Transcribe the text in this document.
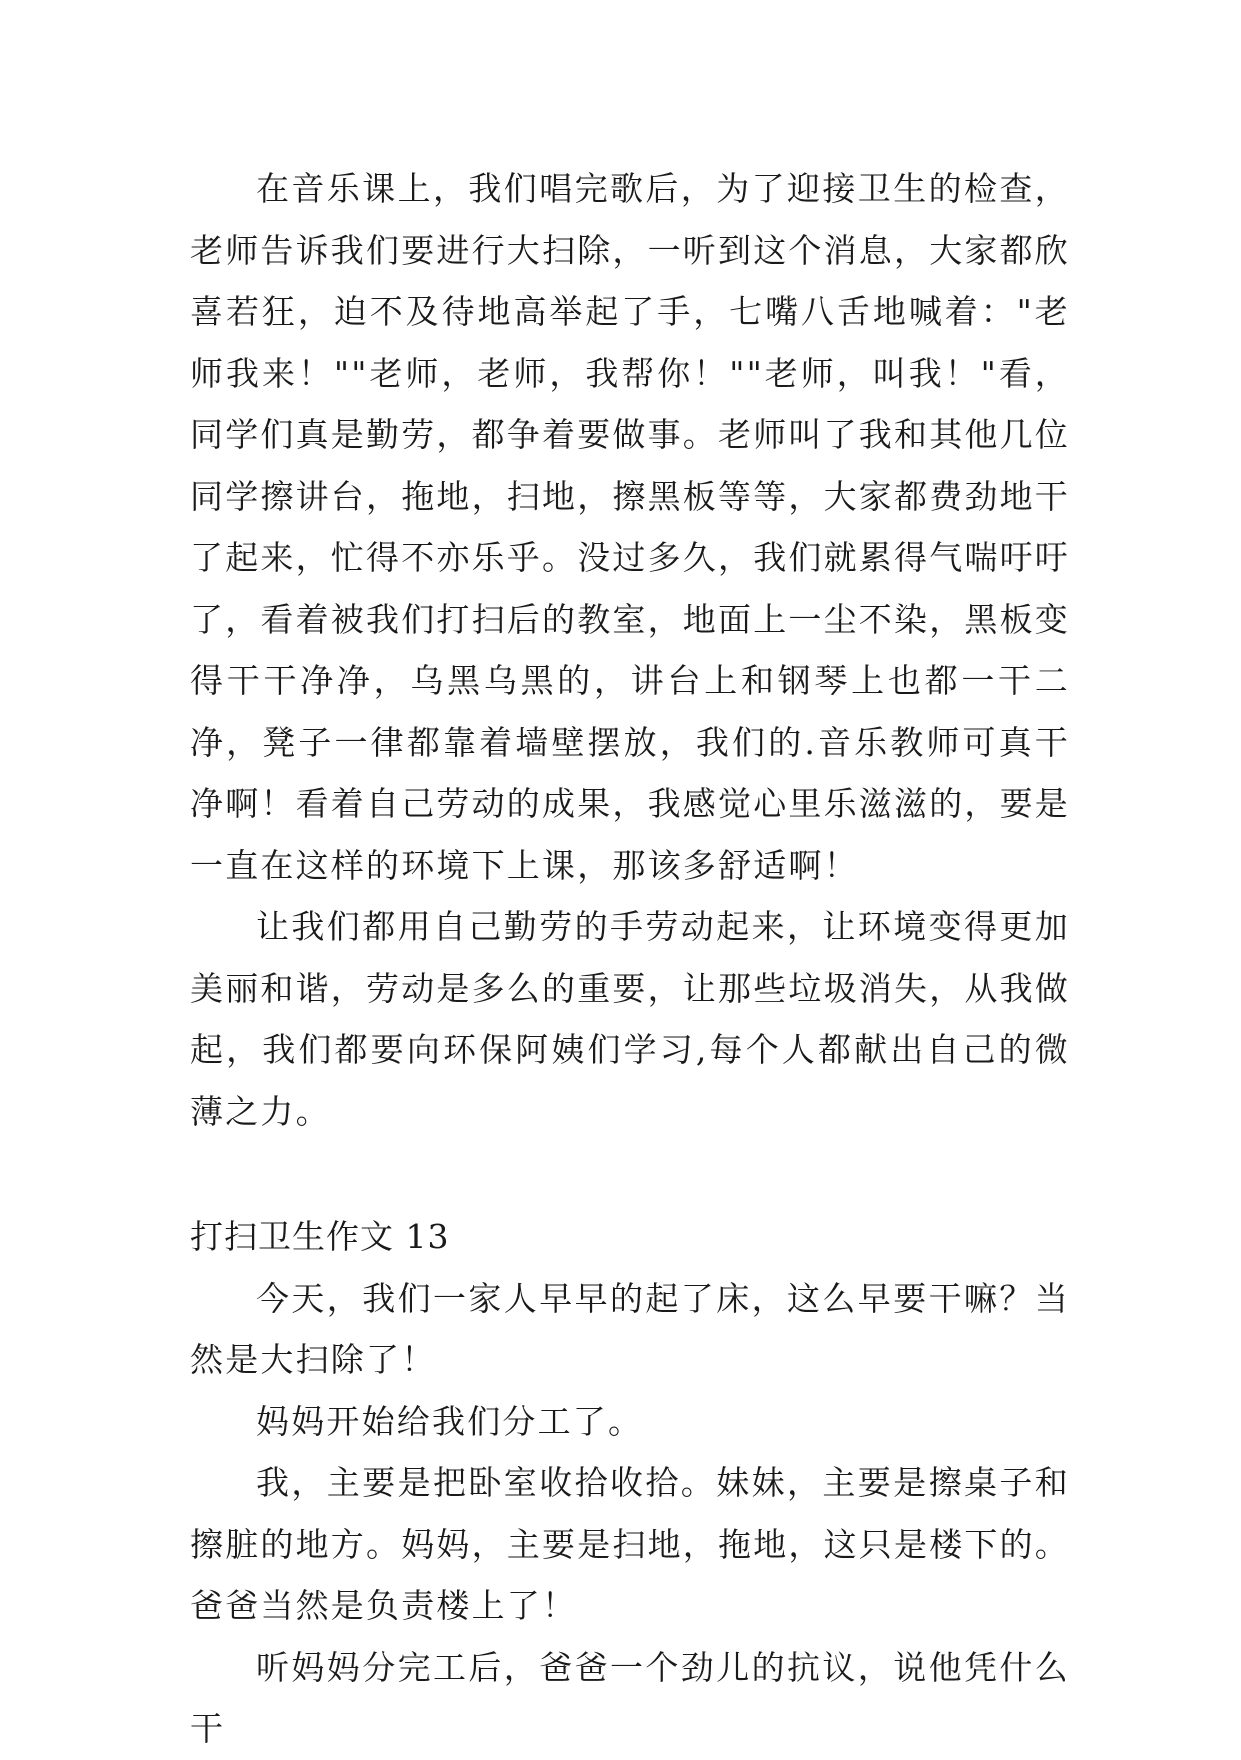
在音乐课上，我们唱完歌后，为了迎接卫生的检查，老师告诉我们要进行大扫除，一听到这个消息，大家都欣喜若狂，迫不及待地高举起了手，七嘴八舌地喊着："老师我来！""老师，老师，我帮你！""老师，叫我！"看，同学们真是勤劳，都争着要做事。老师叫了我和其他几位同学擦讲台，拖地，扫地，擦黑板等等，大家都费劲地干了起来，忙得不亦乐乎。没过多久，我们就累得气喘吁吁了，看着被我们打扫后的教室，地面上一尘不染，黑板变得干干净净，乌黑乌黑的，讲台上和钢琴上也都一干二净，凳子一律都靠着墙壁摆放，我们的.音乐教师可真干净啊！看着自己劳动的成果，我感觉心里乐滋滋的，要是一直在这样的环境下上课，那该多舒适啊！

让我们都用自己勤劳的手劳动起来，让环境变得更加美丽和谐，劳动是多么的重要，让那些垃圾消失，从我做起，我们都要向环保阿姨们学习,每个人都献出自己的微薄之力。

打扫卫生作文 13

今天，我们一家人早早的起了床，这么早要干嘛？当然是大扫除了！

妈妈开始给我们分工了。

我，主要是把卧室收拾收拾。妹妹，主要是擦桌子和擦脏的地方。妈妈，主要是扫地，拖地，这只是楼下的。爸爸当然是负责楼上了！

听妈妈分完工后，爸爸一个劲儿的抗议，说他凭什么干
